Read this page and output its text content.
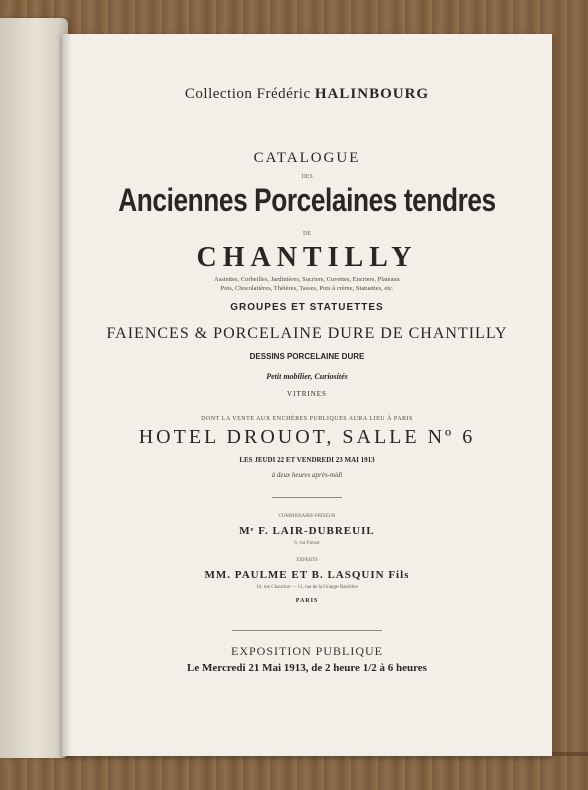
Collection Frédéric HALINBOURG
CATALOGUE
DES
Anciennes Porcelaines tendres
DE
CHANTILLY
Assiettes, Corbeilles, Jardinières, Sucriers, Cuvettes, Encriers, Plateaux
Pots, Chocolatières, Théières, Tasses, Pots à crème, Statuettes, etc.
GROUPES ET STATUETTES
FAIENCES & PORCELAINE DURE DE CHANTILLY
DESSINS PORCELAINE DURE
Petit mobilier, Curiosités
VITRINES
DONT LA VENTE AUX ENCHÈRES PUBLIQUES AURA LIEU À PARIS
HOTEL DROUOT, SALLE Nº 6
LES JEUDI 22 ET VENDREDI 23 MAI 1913
à deux heures après-midi
COMMISSAIRE-PRISEUR
Mᵉ F. LAIR-DUBREUIL
6, rue Favart
EXPERTS
MM. PAULME ET B. LASQUIN Fils
10, rue Chauchat — 11, rue de la Grange-Batelière
PARIS
EXPOSITION PUBLIQUE
Le Mercredi 21 Mai 1913, de 2 heure 1/2 à 6 heures
